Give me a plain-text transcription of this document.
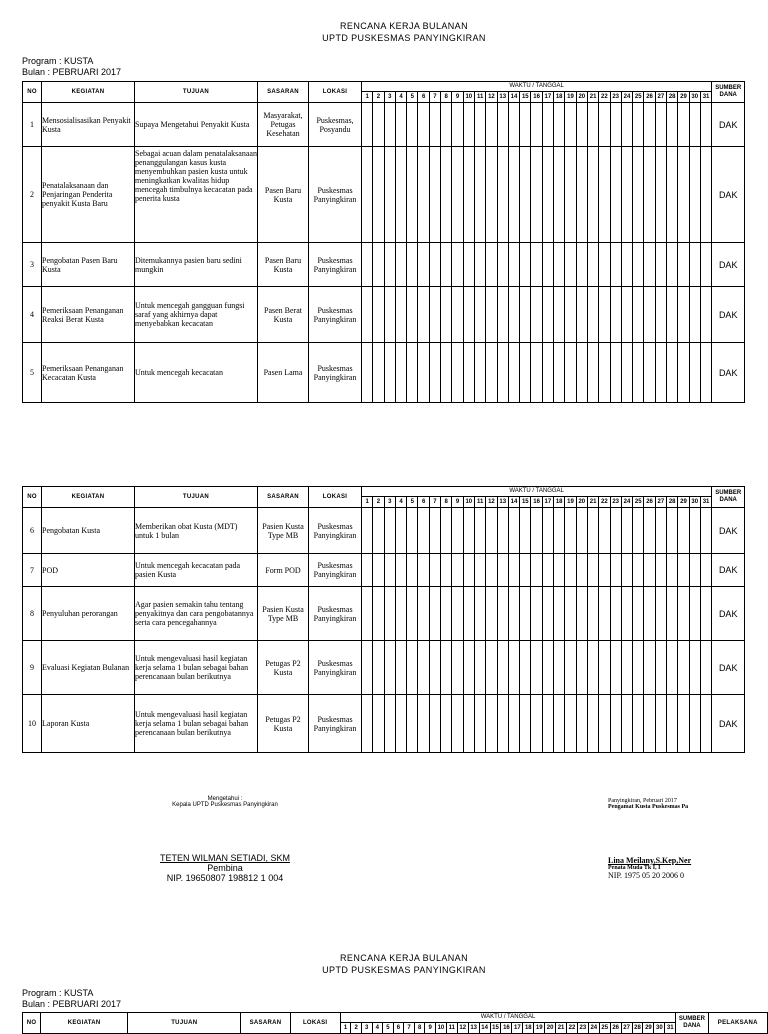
RENCANA KERJA BULANAN
UPTD PUSKESMAS PANYINGKIRAN
Program : KUSTA
Bulan : PEBRUARI 2017
NO	KEGIATAN	TUJUAN	SASARAN	LOKASI	WAKTU / TANGGAL																															SUMBER
DANA

					1	2	3	4	5	6	7	8	9	10	11	12	13	14	15	16	17	18	19	20	21	22	23	24	25	26	27	28	29	30	31	
1	Mensosialisasikan Penyakit Kusta	Supaya Mengetahui Penyakit Kusta	Masyarakat, Petugas Kesehatan	Puskesmas, Posyandu																																DAK
2	Penatalaksanaan dan Penjaringan Penderita penyakit Kusta Baru	Sebagai acuan dalam penatalaksanaan penanggulangan kasus kusta menyembuhkan pasien kusta untuk meningkatkan kwalitas hidup mencegah timbulnya kecacatan pada penerita kusta	Pasen Baru Kusta	Puskesmas Panyingkiran																																DAK
3	Pengobatan Pasen Baru Kusta	Ditemukannya pasien baru sedini mungkin	Pasen Baru Kusta	Puskesmas Panyingkiran																																DAK
4	Pemeriksaan Penanganan Reaksi Berat Kusta	Untuk mencegah gangguan fungsi saraf yang akhirnya dapat menyebabkan kecacatan	Pasen Berat Kusta	Puskesmas Panyingkiran																																DAK
5	Pemeriksaan Penanganan Kecacatan Kusta	Untuk mencegah kecacatan	Pasen Lama	Puskesmas Panyingkiran																																DAK
NO	KEGIATAN	TUJUAN	SASARAN	LOKASI	WAKTU / TANGGAL																															SUMBER
DANA

					1	2	3	4	5	6	7	8	9	10	11	12	13	14	15	16	17	18	19	20	21	22	23	24	25	26	27	28	29	30	31	
6	Pengobatan Kusta	Memberikan obat Kusta (MDT) untuk 1 bulan	Pasien Kusta Type MB	Puskesmas Panyingkiran																																DAK
7	POD	Untuk mencegah kecacatan pada pasien Kusta	Form POD	Puskesmas Panyingkiran																																DAK
8	Penyuluhan perorangan	Agar pasien semakin tahu tentang penyakitnya dan cara pengobatannya serta cara pencegahannya	Pasien Kusta Type MB	Puskesmas Panyingkiran																																DAK
9	Evaluasi Kegiatan Bulanan	Untuk mengevaluasi hasil kegiatan kerja selama 1 bulan sebagai bahan perencanaan bulan berikutnya	Petugas P2 Kusta	Puskesmas Panyingkiran																																DAK
10	Laporan Kusta	Untuk mengevaluasi hasil kegiatan kerja selama 1 bulan sebagai bahan perencanaan bulan berikutnya	Petugas P2 Kusta	Puskesmas Panyingkiran																																DAK
Mengetahui :
Kepala UPTD Puskesmas Panyingkiran
TETEN WILMAN SETIADI, SKM
Pembina
NIP. 19650807 198812 1 004
Panyingkiran, Pebruari 2017
Pengamat Kusta Puskesmas Pa
Lina Meilany,S.Kep,Ner
Penata Muda Tk I, I
NIP. 1975 05 20 2006 0
RENCANA KERJA BULANAN
UPTD PUSKESMAS PANYINGKIRAN
Program : KUSTA
Bulan : PEBRUARI 2017
NO	KEGIATAN	TUJUAN	SASARAN	LOKASI	WAKTU / TANGGAL																															SUMBER
DANA	PELAKSANA
					1	2	3	4	5	6	7	8	9	10	11	12	13	14	15	16	17	18	19	20	21	22	23	24	25	26	27	28	29	30	31		
